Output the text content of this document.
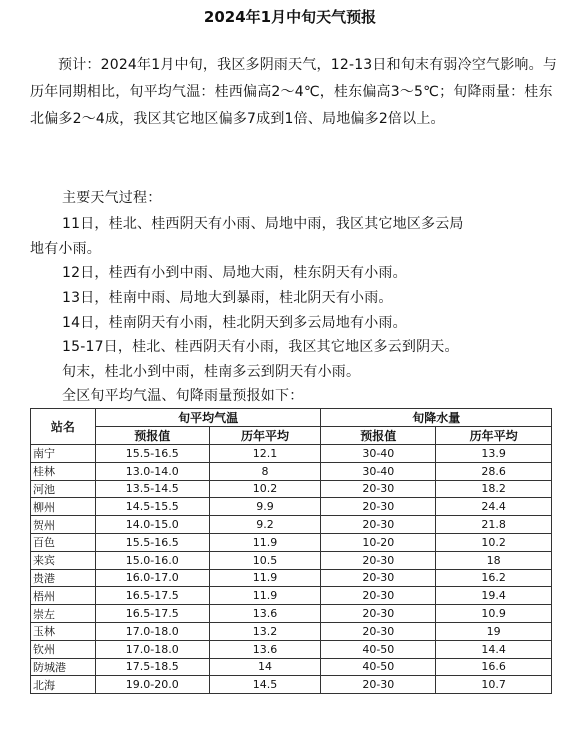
2024年1月中旬天气预报
预计：2024年1月中旬，我区多阴雨天气，12-13日和旬末有弱冷空气影响。与历年同期相比，旬平均气温：桂西偏高2～4℃，桂东偏高3～5℃；旬降雨量：桂东北偏多2～4成，我区其它地区偏多7成到1倍、局地偏多2倍以上。
主要天气过程：
11日，桂北、桂西阴天有小雨、局地中雨，我区其它地区多云局
地有小雨。
12日，桂西有小到中雨、局地大雨，桂东阴天有小雨。
13日，桂南中雨、局地大到暴雨，桂北阴天有小雨。
14日，桂南阴天有小雨，桂北阴天到多云局地有小雨。
15-17日，桂北、桂西阴天有小雨，我区其它地区多云到阴天。
旬末，桂北小到中雨，桂南多云到阴天有小雨。
全区旬平均气温、旬降雨量预报如下：
站名	旬平均气温		旬降水量	
	预报值	历年平均	预报值	历年平均
南宁	15.5-16.5	12.1	30-40	13.9
桂林	13.0-14.0	8	30-40	28.6
河池	13.5-14.5	10.2	20-30	18.2
柳州	14.5-15.5	9.9	20-30	24.4
贺州	14.0-15.0	9.2	20-30	21.8
百色	15.5-16.5	11.9	10-20	10.2
来宾	15.0-16.0	10.5	20-30	18
贵港	16.0-17.0	11.9	20-30	16.2
梧州	16.5-17.5	11.9	20-30	19.4
崇左	16.5-17.5	13.6	20-30	10.9
玉林	17.0-18.0	13.2	20-30	19
钦州	17.0-18.0	13.6	40-50	14.4
防城港	17.5-18.5	14	40-50	16.6
北海	19.0-20.0	14.5	20-30	10.7
